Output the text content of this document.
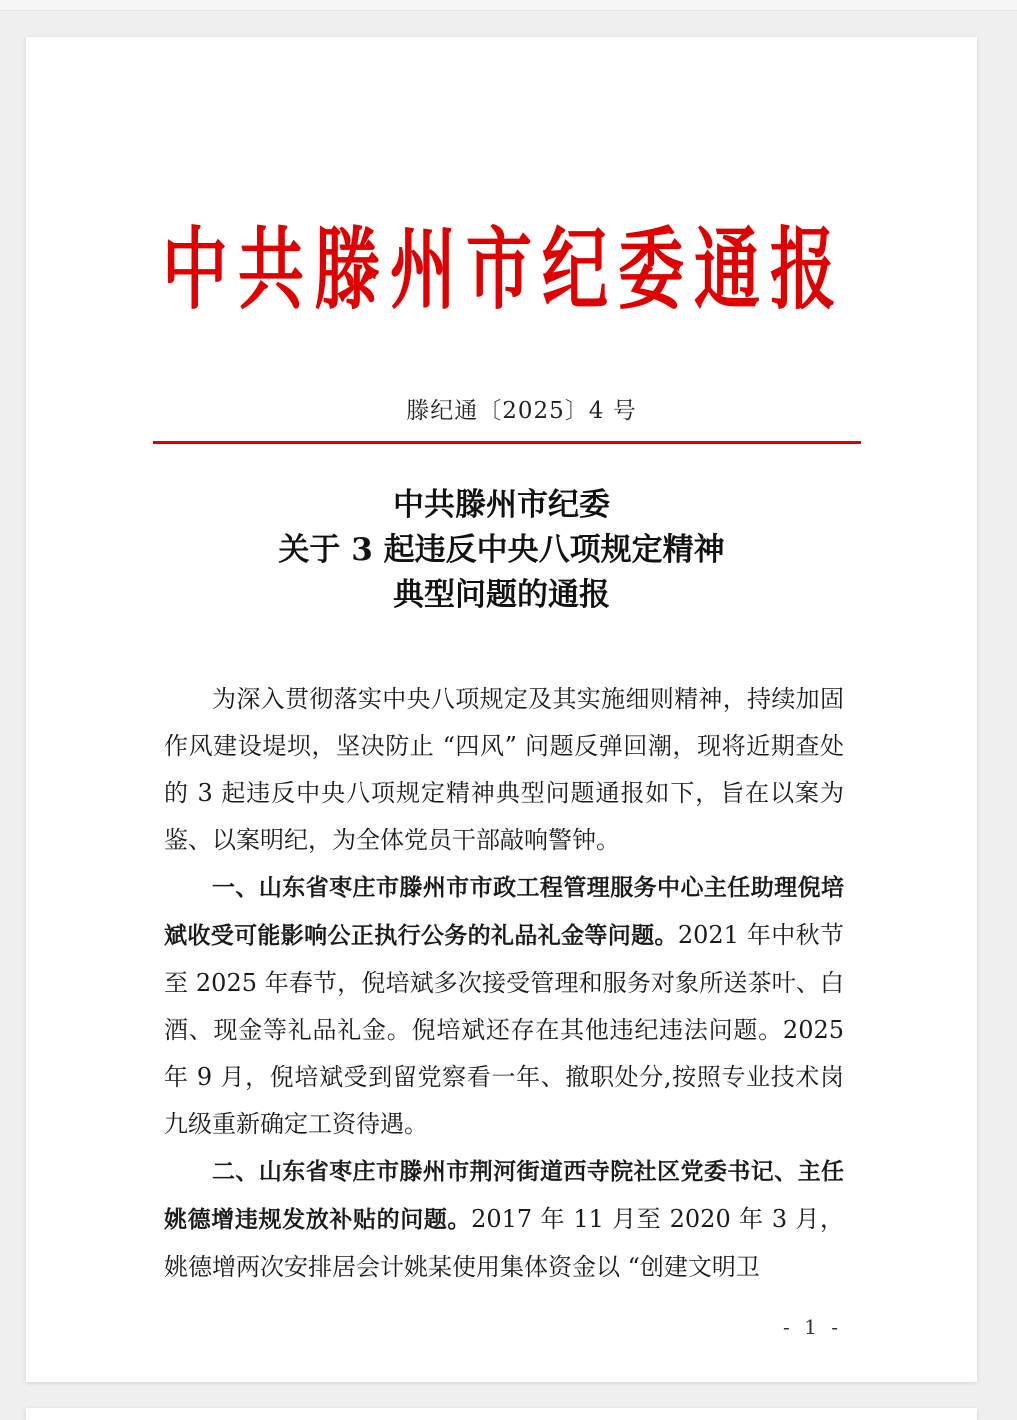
中 共 滕 州 市 纪 委 通 报
滕纪通〔2025〕4 号
中共滕州市纪委
关于 3 起违反中央八项规定精神
典型问题的通报

为深入贯彻落实中央八项规定及其实施细则精神，持续加固作风建设堤坝，坚决防止 “四风” 问题反弹回潮，现将近期查处的 3 起违反中央八项规定精神典型问题通报如下，旨在以案为鉴、以案明纪，为全体党员干部敲响警钟。

一、山东省枣庄市滕州市市政工程管理服务中心主任助理倪培斌收受可能影响公正执行公务的礼品礼金等问题。2021 年中秋节至 2025 年春节，倪培斌多次接受管理和服务对象所送茶叶、白酒、现金等礼品礼金。倪培斌还存在其他违纪违法问题。2025 年 9 月，倪培斌受到留党察看一年、撤职处分,按照专业技术岗九级重新确定工资待遇。

二、山东省枣庄市滕州市荆河街道西寺院社区党委书记、主任姚德增违规发放补贴的问题。2017 年 11 月至 2020 年 3 月，姚德增两次安排居会计姚某使用集体资金以 “创建文明卫

- 1 -
